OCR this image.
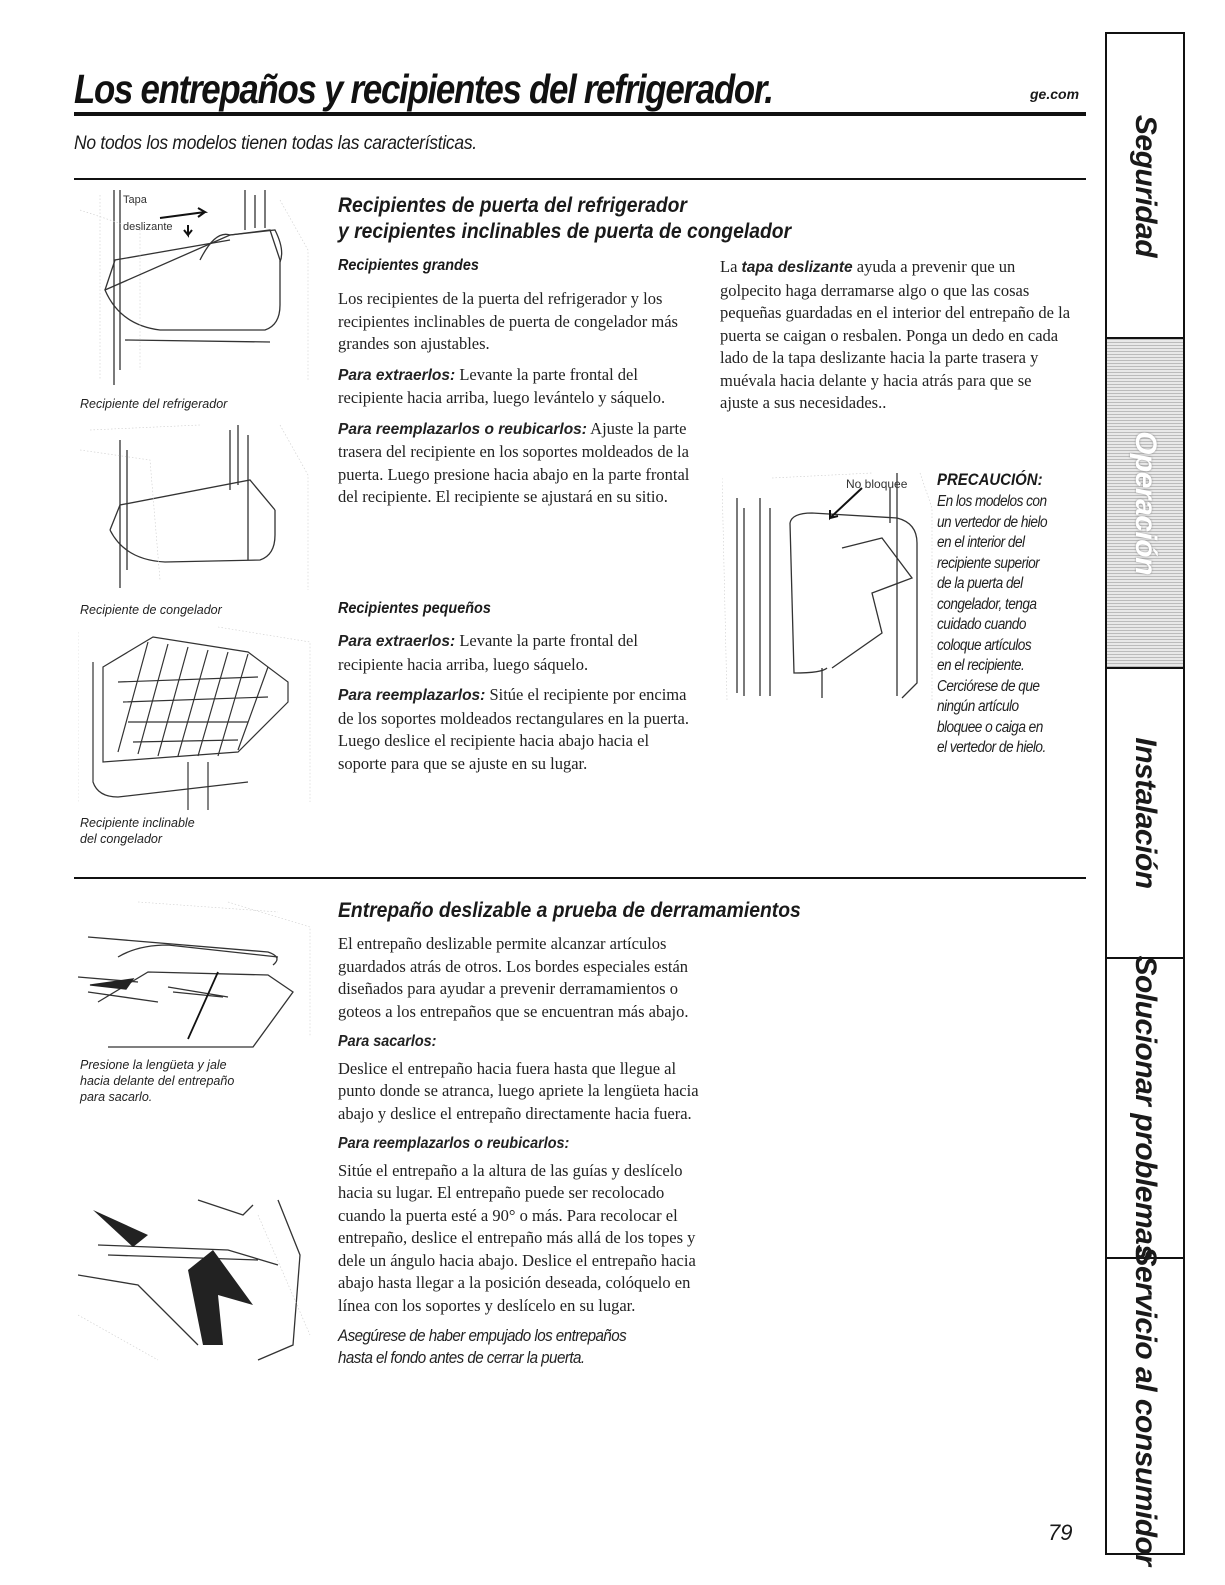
Los entrepaños y recipientes del refrigerador.	ge.com
No todos los modelos tienen todas las características.
Tapa
deslizante
Recipiente del refrigerador
Recipiente de congelador
Recipiente inclinable
del congelador
Recipientes de puerta del refrigerador
y recipientes inclinables de puerta de congelador
Recipientes grandes

Los recipientes de la puerta del refrigerador y los recipientes inclinables de puerta de congelador más grandes son ajustables.

Para extraerlos: Levante la parte frontal del recipiente hacia arriba, luego levántelo y sáquelo.

Para reemplazarlos o reubicarlos: Ajuste la parte trasera del recipiente en los soportes moldeados de la puerta. Luego presione hacia abajo en la parte frontal del recipiente. El recipiente se ajustará en su sitio.

Recipientes pequeños

Para extraerlos: Levante la parte frontal del recipiente hacia arriba, luego sáquelo.

Para reemplazarlos: Sitúe el recipiente por encima de los soportes moldeados rectangulares en la puerta. Luego deslice el recipiente hacia abajo hacia el soporte para que se ajuste en su lugar.

La tapa deslizante ayuda a prevenir que un golpecito haga derramarse algo o que las cosas pequeñas guardadas en el interior del entrepaño de la puerta se caigan o resbalen. Ponga un dedo en cada lado de la tapa deslizante hacia la parte trasera y muévala hacia delante y hacia atrás para que se ajuste a sus necesidades..

No bloquee PRECAUCIÓN:
En los modelos con
un vertedor de hielo
en el interior del
recipiente superior
de la puerta del
congelador, tenga
cuidado cuando
coloque artículos
en el recipiente.
Cerciórese de que
ningún artículo
bloquee o caiga en
el vertedor de hielo.
Presione la lengüeta y jale
hacia delante del entrepaño
para sacarlo.
Entrepaño deslizable a prueba de derramamientos

El entrepaño deslizable permite alcanzar artículos guardados atrás de otros. Los bordes especiales están diseñados para ayudar a prevenir derramamientos o goteos a los entrepaños que se encuentran más abajo.

Para sacarlos:

Deslice el entrepaño hacia fuera hasta que llegue al punto donde se atranca, luego apriete la lengüeta hacia abajo y deslice el entrepaño directamente hacia fuera.

Para reemplazarlos o reubicarlos:

Sitúe el entrepaño a la altura de las guías y deslícelo hacia su lugar. El entrepaño puede ser recolocado cuando la puerta esté a 90° o más. Para recolocar el entrepaño, deslice el entrepaño más allá de los topes y dele un ángulo hacia abajo. Deslice el entrepaño hacia abajo hasta llegar a la posición deseada, colóquelo en línea con los soportes y deslícelo en su lugar.

Asegúrese de haber empujado los entrepaños
hasta el fondo antes de cerrar la puerta.
79
Seguridad
Operación
Instalación
Solucionar problemas
Servicio al consumidor
